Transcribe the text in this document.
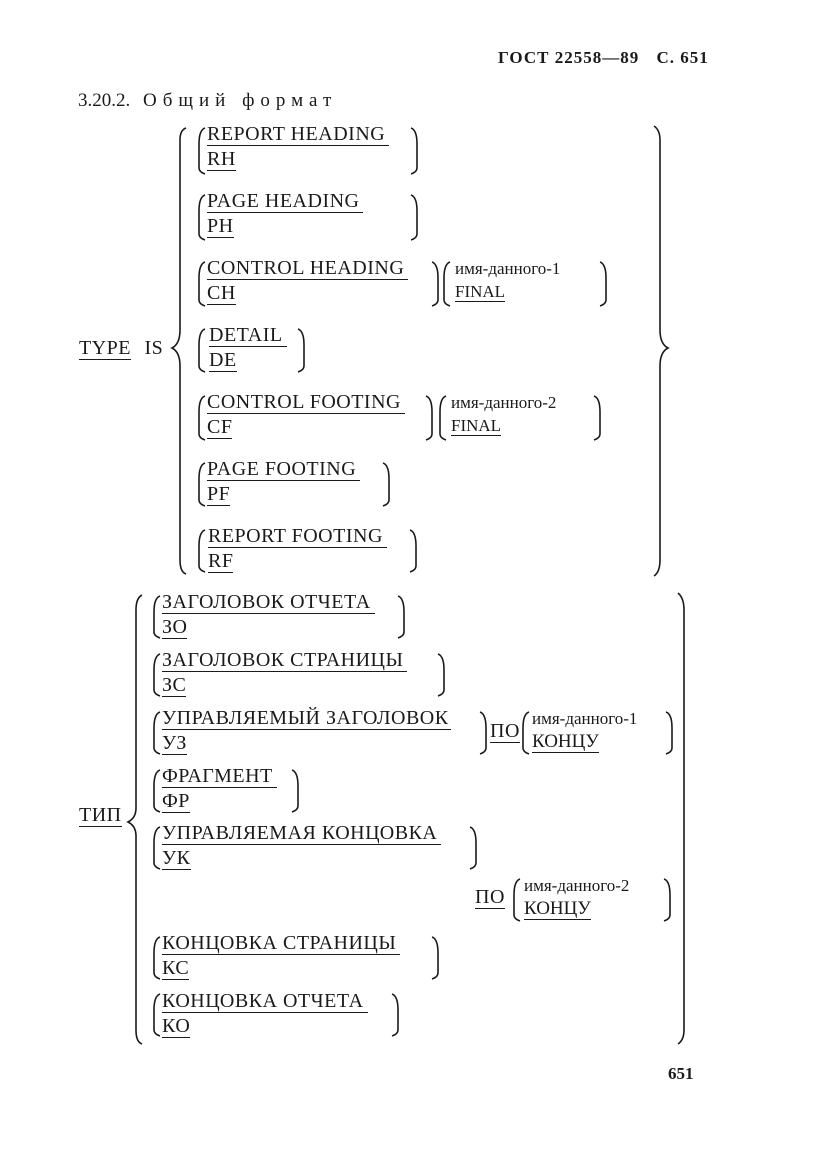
ГОСТ 22558—89 С. 651
3.20.2. Общий формат
TYPE IS
REPORT HEADING
RH
PAGE HEADING
PH
CONTROL HEADING
CH
имя-данного-1
FINAL
DETAIL
DE
CONTROL FOOTING
CF
имя-данного-2
FINAL
PAGE FOOTING
PF
REPORT FOOTING
RF
ТИП
ЗАГОЛОВОК ОТЧЕТА
ЗО
ЗАГОЛОВОК СТРАНИЦЫ
ЗС
УПРАВЛЯЕМЫЙ ЗАГОЛОВОК
УЗ
ПО
имя-данного-1
КОНЦУ
ФРАГМЕНТ
ФР
УПРАВЛЯЕМАЯ КОНЦОВКА
УК
ПО
имя-данного-2
КОНЦУ
КОНЦОВКА СТРАНИЦЫ
КС
КОНЦОВКА ОТЧЕТА
КО
651
